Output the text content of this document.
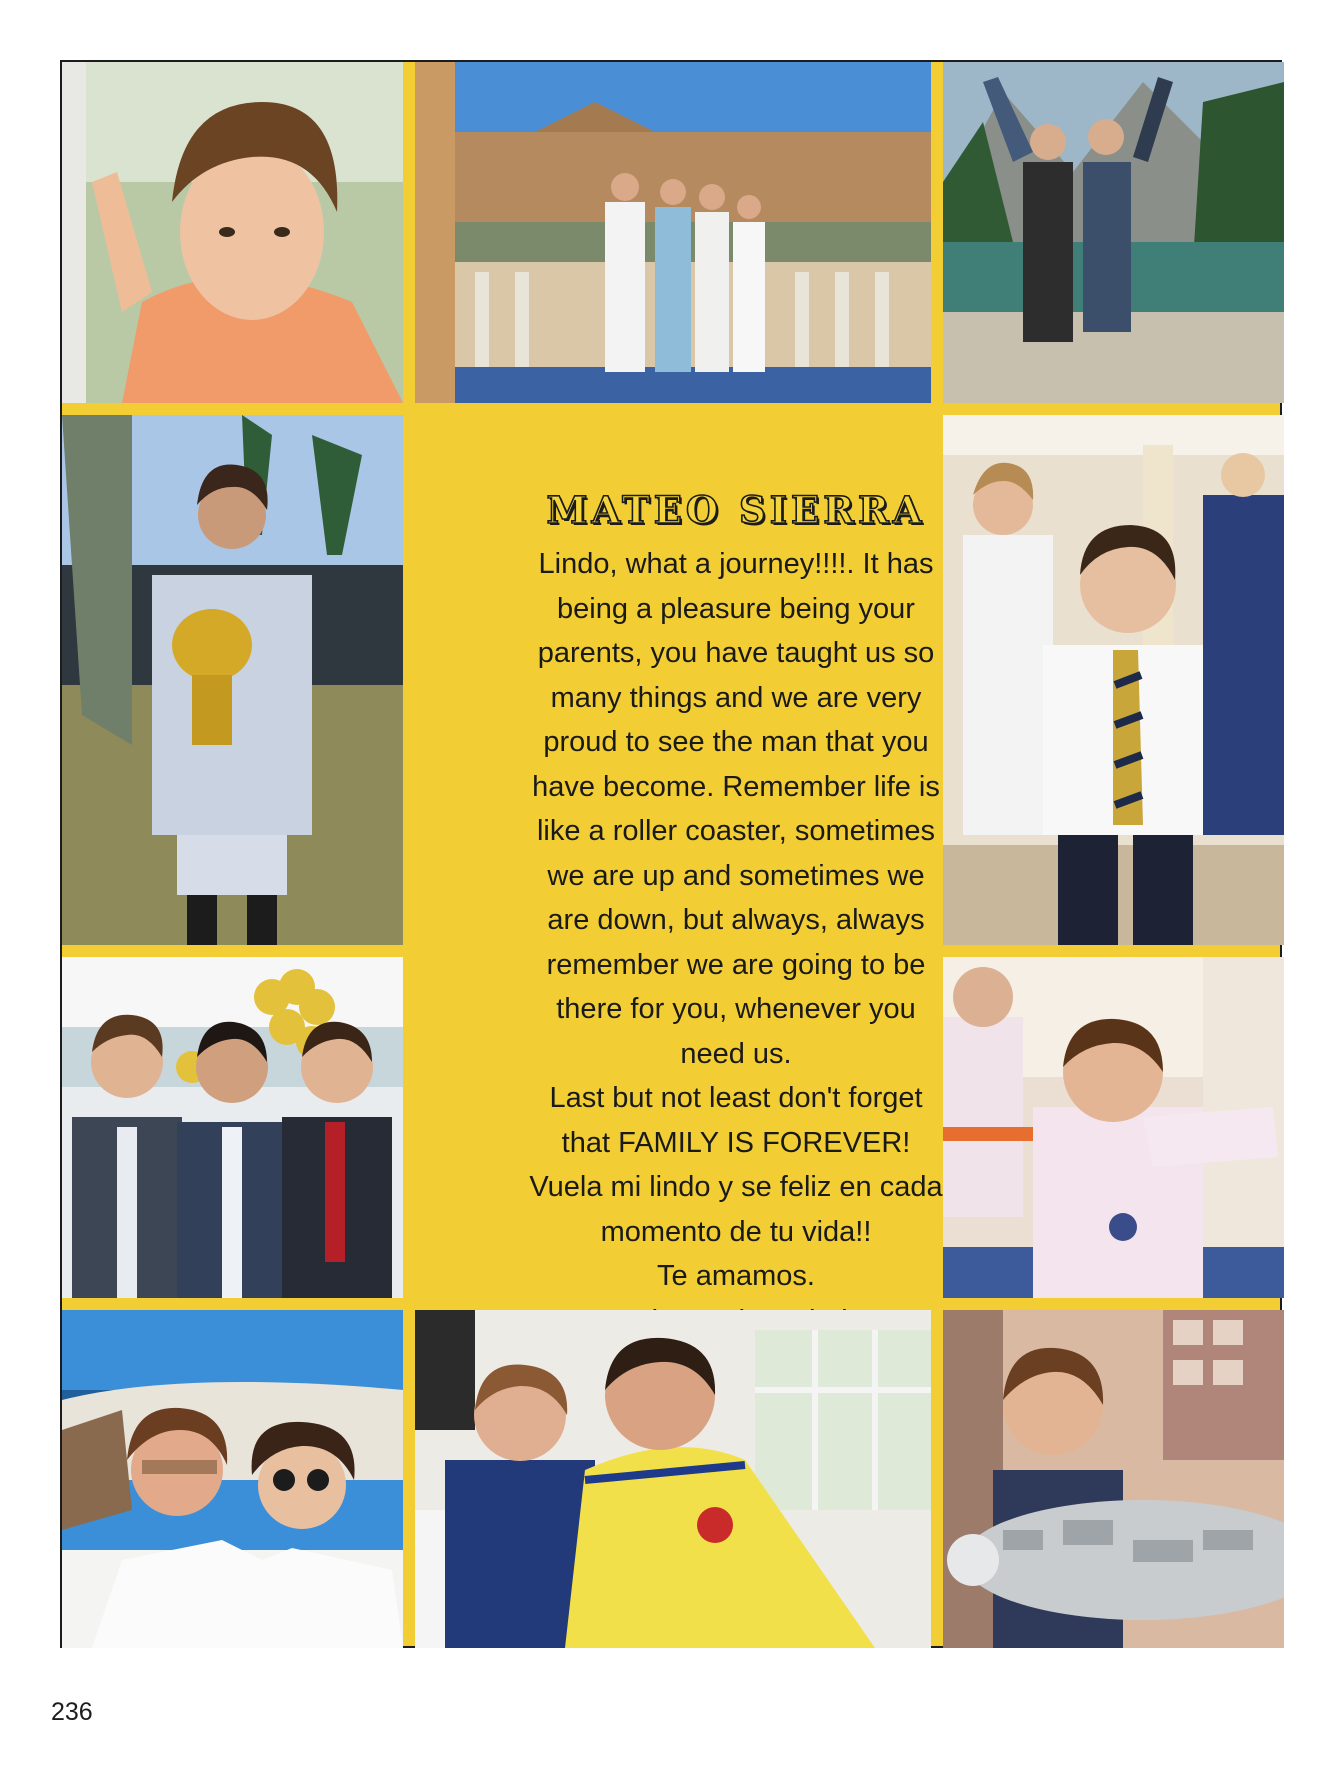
MATEO SIERRA
Lindo, what a journey!!!!. It has
being a pleasure being your
parents, you have taught us so
many things and we are very
proud to see the man that you
have become. Remember life is
like a roller coaster, sometimes
we are up and sometimes we
are down, but always, always
remember we are going to be
there for you, whenever you
need us.
Last but not least don't forget
that FAMILY IS FOREVER!
Vuela mi lindo y se feliz en cada
momento de tu vida!!
Te amamos.
236
